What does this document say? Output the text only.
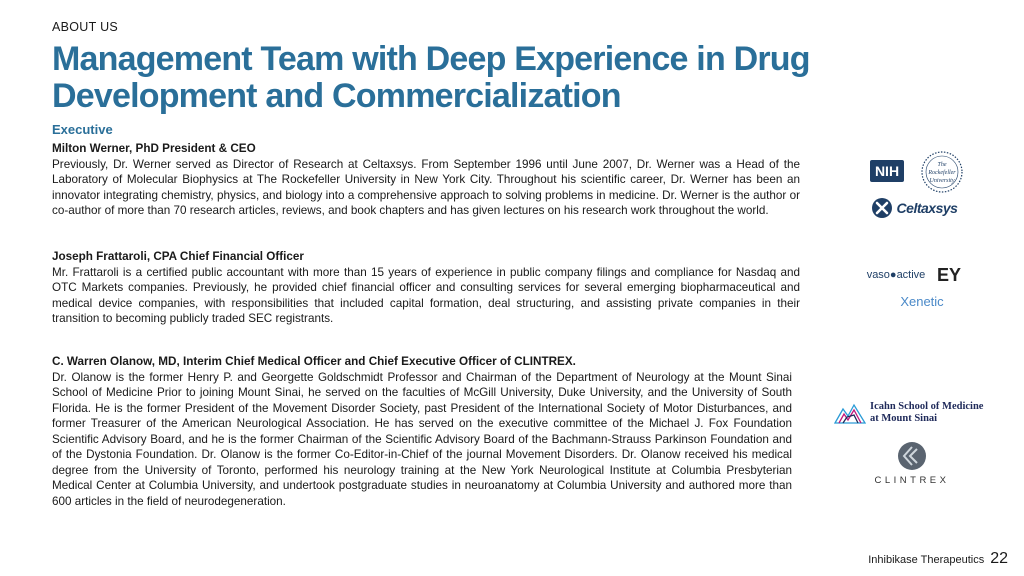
ABOUT US
Management Team with Deep Experience in Drug Development and Commercialization
Executive
Milton Werner, PhD President & CEO
Previously, Dr. Werner served as Director of Research at Celtaxsys. From September 1996 until June 2007, Dr. Werner was a Head of the Laboratory of Molecular Biophysics at The Rockefeller University in New York City. Throughout his scientific career, Dr. Werner has been an innovator integrating chemistry, physics, and biology into a comprehensive approach to solving problems in medicine. Dr. Werner is the author or co-author of more than 70 research articles, reviews, and book chapters and has given lectures on his research work throughout the world.
Joseph Frattaroli, CPA Chief Financial Officer
Mr. Frattaroli is a certified public accountant with more than 15 years of experience in public company filings and compliance for Nasdaq and OTC Markets companies. Previously, he provided chief financial officer and consulting services for several emerging biopharmaceutical and medical device companies, with responsibilities that included capital formation, deal structuring, and assisting private companies in their transition to becoming publicly traded SEC registrants.
C. Warren Olanow, MD, Interim Chief Medical Officer and Chief Executive Officer of CLINTREX.
Dr. Olanow is the former Henry P. and Georgette Goldschmidt Professor and Chairman of the Department of Neurology at the Mount Sinai School of Medicine Prior to joining Mount Sinai, he served on the faculties of McGill University, Duke University, and the University of South Florida. He is the former President of the Movement Disorder Society, past President of the International Society of Motor Disturbances, and former Treasurer of the American Neurological Association. He has served on the executive committee of the Michael J. Fox Foundation Scientific Advisory Board, and he is the former Chairman of the Scientific Advisory Board of the Bachmann-Strauss Parkinson Foundation and of the Dystonia Foundation. Dr. Olanow is the former Co-Editor-in-Chief of the journal Movement Disorders. Dr. Olanow received his medical degree from the University of Toronto, performed his neurology training at the New York Neurological Institute at Columbia Presbyterian Medical Center at Columbia University, and undertook postgraduate studies in neuroanatomy at Columbia University and authored more than 600 articles in the field of neurodegeneration.
NIH	The
Rockefeller
University
Celtaxsys
vaso●active EY
Xenetic
Icahn School of Medicine
at Mount Sinai
CLINTREX
Inhibikase Therapeutics 22
